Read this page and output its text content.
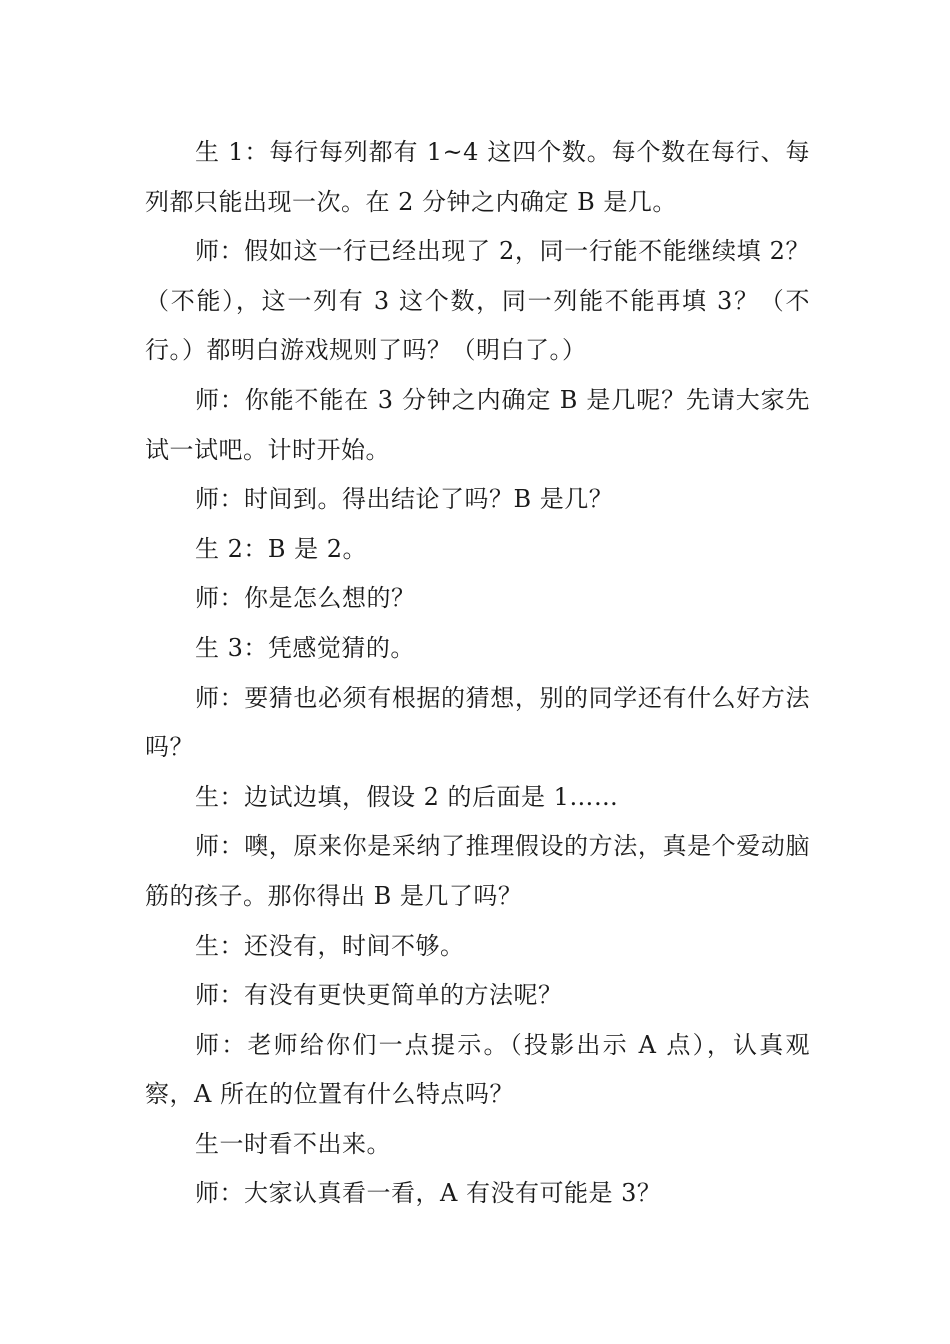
生 1：每行每列都有 1~4 这四个数。每个数在每行、每列都只能出现一次。在 2 分钟之内确定 B 是几。

师：假如这一行已经出现了 2，同一行能不能继续填 2？（不能），这一列有 3 这个数，同一列能不能再填 3？（不行。）都明白游戏规则了吗？（明白了。）

师：你能不能在 3 分钟之内确定 B 是几呢？先请大家先试一试吧。计时开始。

师：时间到。得出结论了吗？B 是几？

生 2：B 是 2。

师：你是怎么想的？

生 3：凭感觉猜的。

师：要猜也必须有根据的猜想，别的同学还有什么好方法吗？

生：边试边填，假设 2 的后面是 1……

师：噢，原来你是采纳了推理假设的方法，真是个爱动脑筋的孩子。那你得出 B 是几了吗？

生：还没有，时间不够。

师：有没有更快更简单的方法呢？

师：老师给你们一点提示。（投影出示 A 点），认真观察，A 所在的位置有什么特点吗？

生一时看不出来。

师：大家认真看一看，A 有没有可能是 3？
